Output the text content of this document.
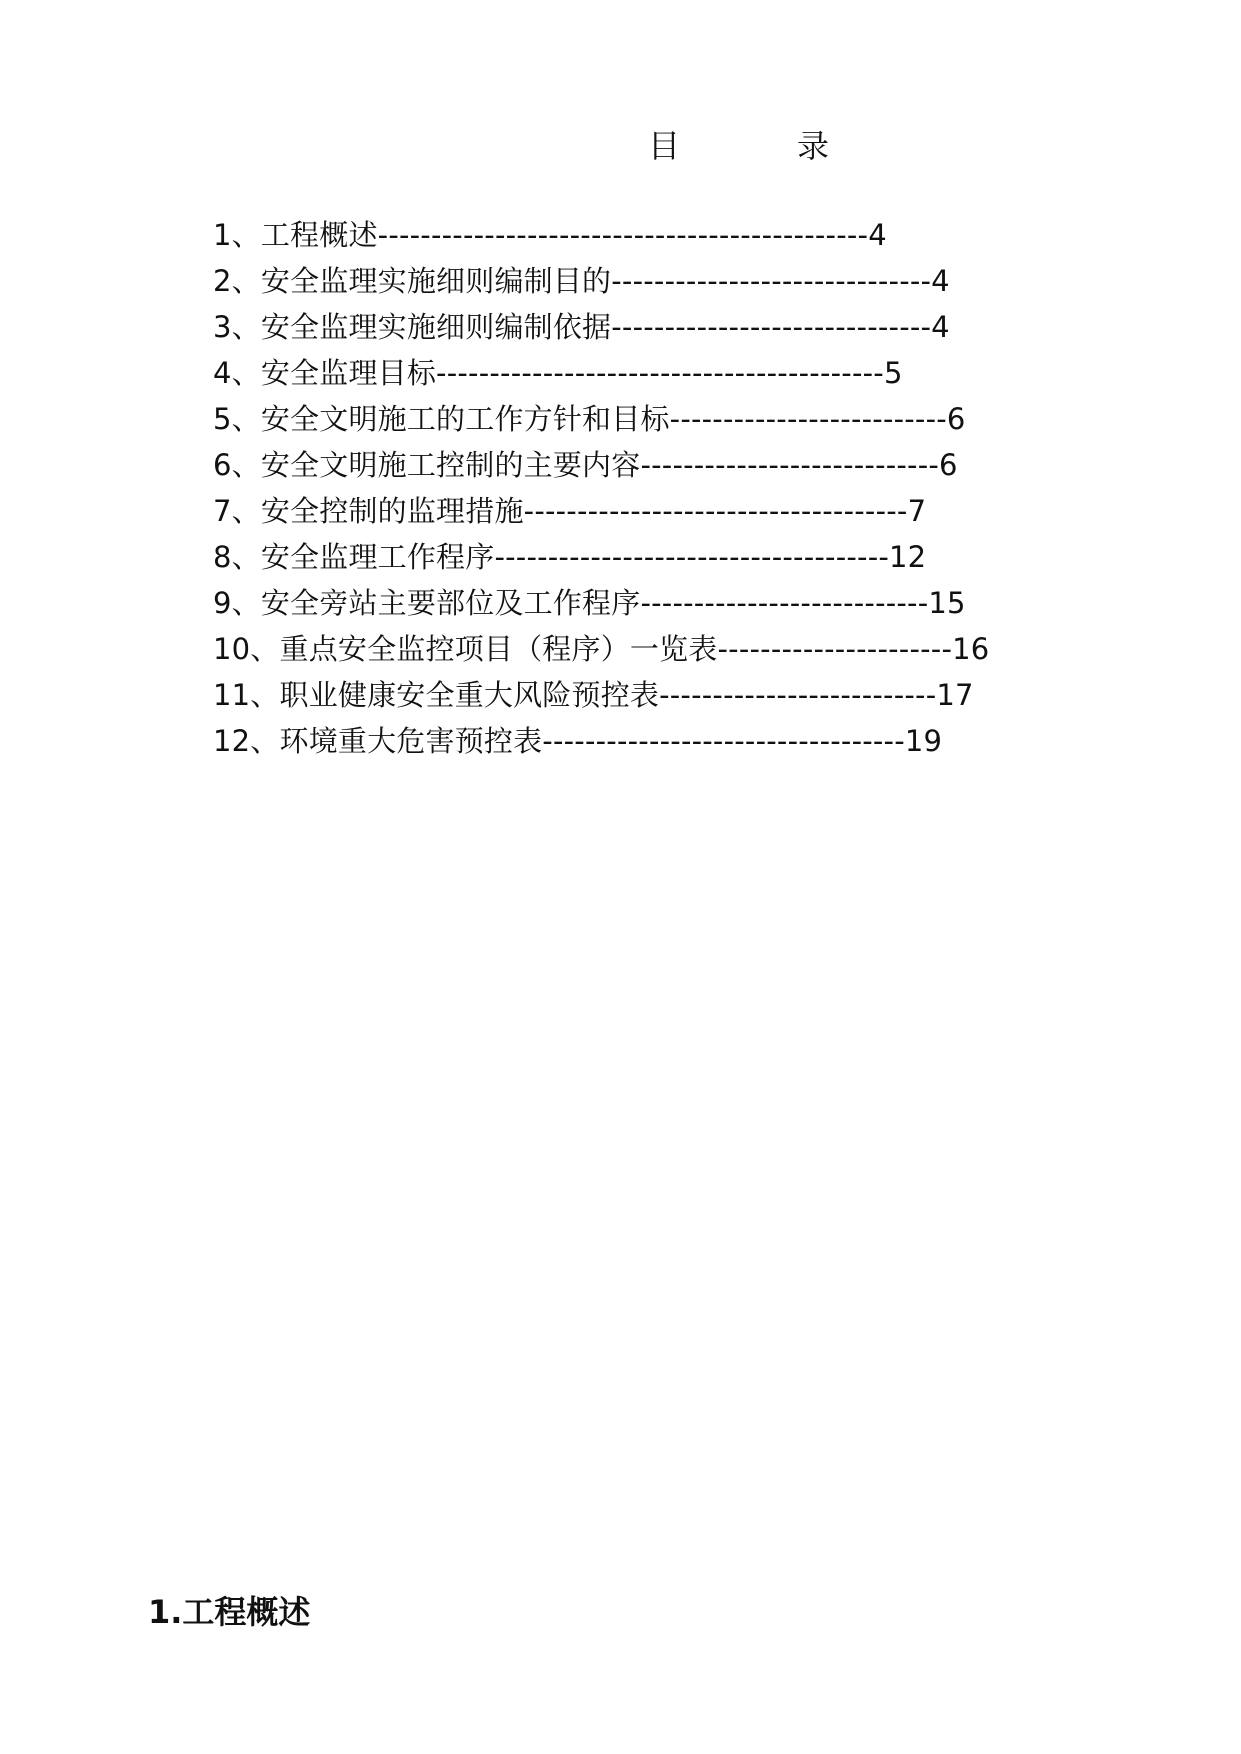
目	录
1、工程概述----------------------------------------------4
2、安全监理实施细则编制目的------------------------------4
3、安全监理实施细则编制依据------------------------------4
4、安全监理目标------------------------------------------5
5、安全文明施工的工作方针和目标--------------------------6
6、安全文明施工控制的主要内容----------------------------6
7、安全控制的监理措施------------------------------------7
8、安全监理工作程序-------------------------------------12
9、安全旁站主要部位及工作程序---------------------------15
10、重点安全监控项目（程序）一览表----------------------16
11、职业健康安全重大风险预控表--------------------------17
12、环境重大危害预控表----------------------------------19
1.工程概述
